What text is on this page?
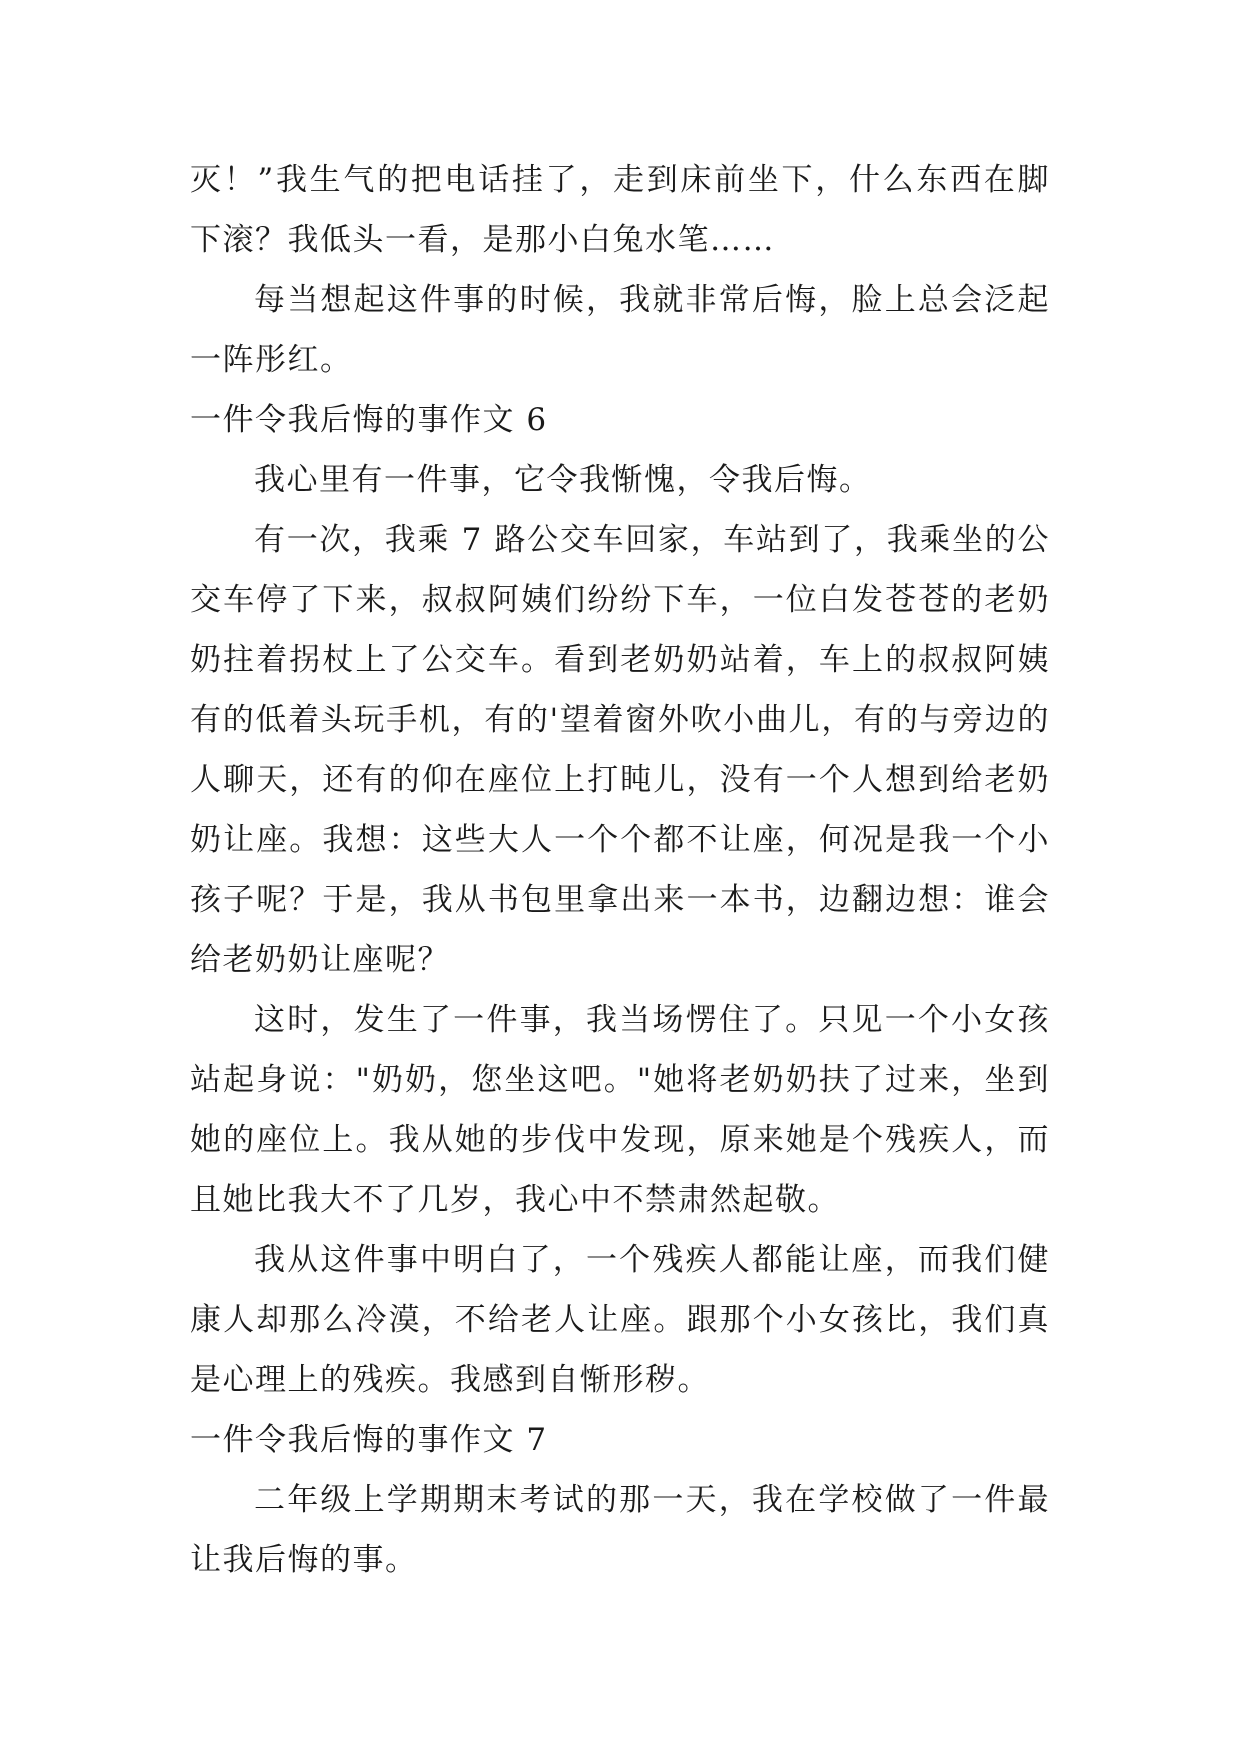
灭！”我生气的把电话挂了，走到床前坐下，什么东西在脚下滚？我低头一看，是那小白兔水笔……

每当想起这件事的时候，我就非常后悔，脸上总会泛起一阵彤红。

一件令我后悔的事作文 6

我心里有一件事，它令我惭愧，令我后悔。

有一次，我乘 7 路公交车回家，车站到了，我乘坐的公交车停了下来，叔叔阿姨们纷纷下车，一位白发苍苍的老奶奶拄着拐杖上了公交车。看到老奶奶站着，车上的叔叔阿姨有的低着头玩手机，有的'望着窗外吹小曲儿，有的与旁边的人聊天，还有的仰在座位上打盹儿，没有一个人想到给老奶奶让座。我想：这些大人一个个都不让座，何况是我一个小孩子呢？于是，我从书包里拿出来一本书，边翻边想：谁会给老奶奶让座呢？

这时，发生了一件事，我当场愣住了。只见一个小女孩站起身说："奶奶，您坐这吧。"她将老奶奶扶了过来，坐到她的座位上。我从她的步伐中发现，原来她是个残疾人，而且她比我大不了几岁，我心中不禁肃然起敬。

我从这件事中明白了，一个残疾人都能让座，而我们健康人却那么冷漠，不给老人让座。跟那个小女孩比，我们真是心理上的残疾。我感到自惭形秽。

一件令我后悔的事作文 7

二年级上学期期末考试的那一天，我在学校做了一件最让我后悔的事。
